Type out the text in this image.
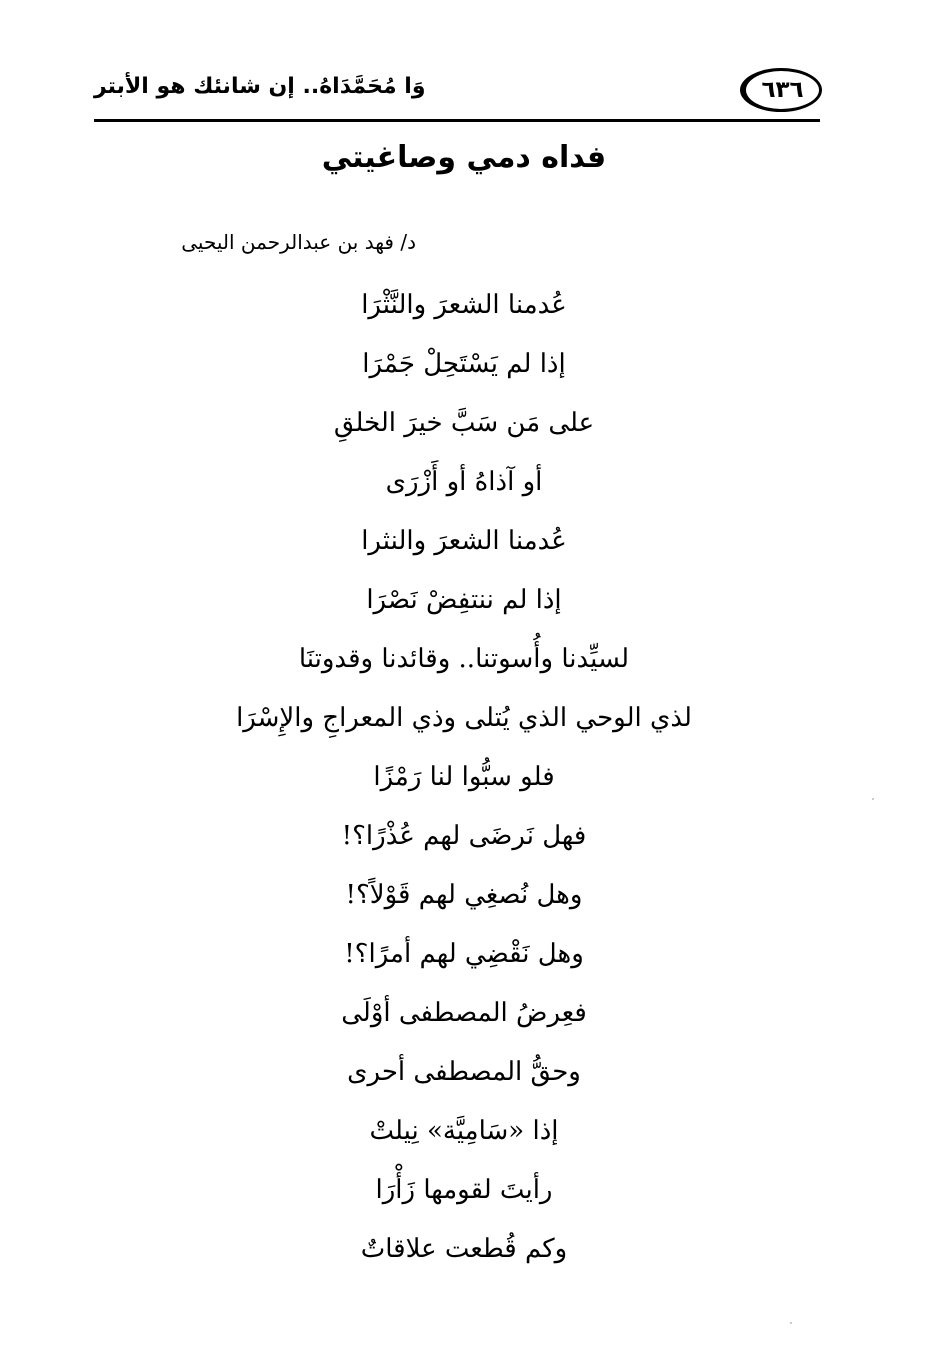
٦٣٦
وَا مُحَمَّدَاهُ.. إن شانئك هو الأبتر
فداه دمي وصاغيتي
د/ فهد بن عبدالرحمن اليحيى
عُدمنا الشعرَ والنَّثْرَا
إذا لم يَسْتَحِلْ جَمْرَا
على مَن سَبَّ خيرَ الخلقِ
أو آذاهُ أو أَزْرَى
عُدمنا الشعرَ والنثرا
إذا لم ننتفِضْ نَصْرَا
لسيِّدنا وأُسوتنا.. وقائدنا وقدوتنَا
لذي الوحي الذي يُتلى وذي المعراجِ والإِسْرَا
فلو سبُّوا لنا رَمْزًا
فهل نَرضَى لهم عُذْرًا؟!
وهل نُصغِي لهم قَوْلاً؟!
وهل نَقْضِي لهم أمرًا؟!
فعِرضُ المصطفى أوْلَى
وحقُّ المصطفى أحرى
إذا «سَامِيَّة» نِيلتْ
رأيتَ لقومها زَأْرَا
وكم قُطعت علاقاتٌ
